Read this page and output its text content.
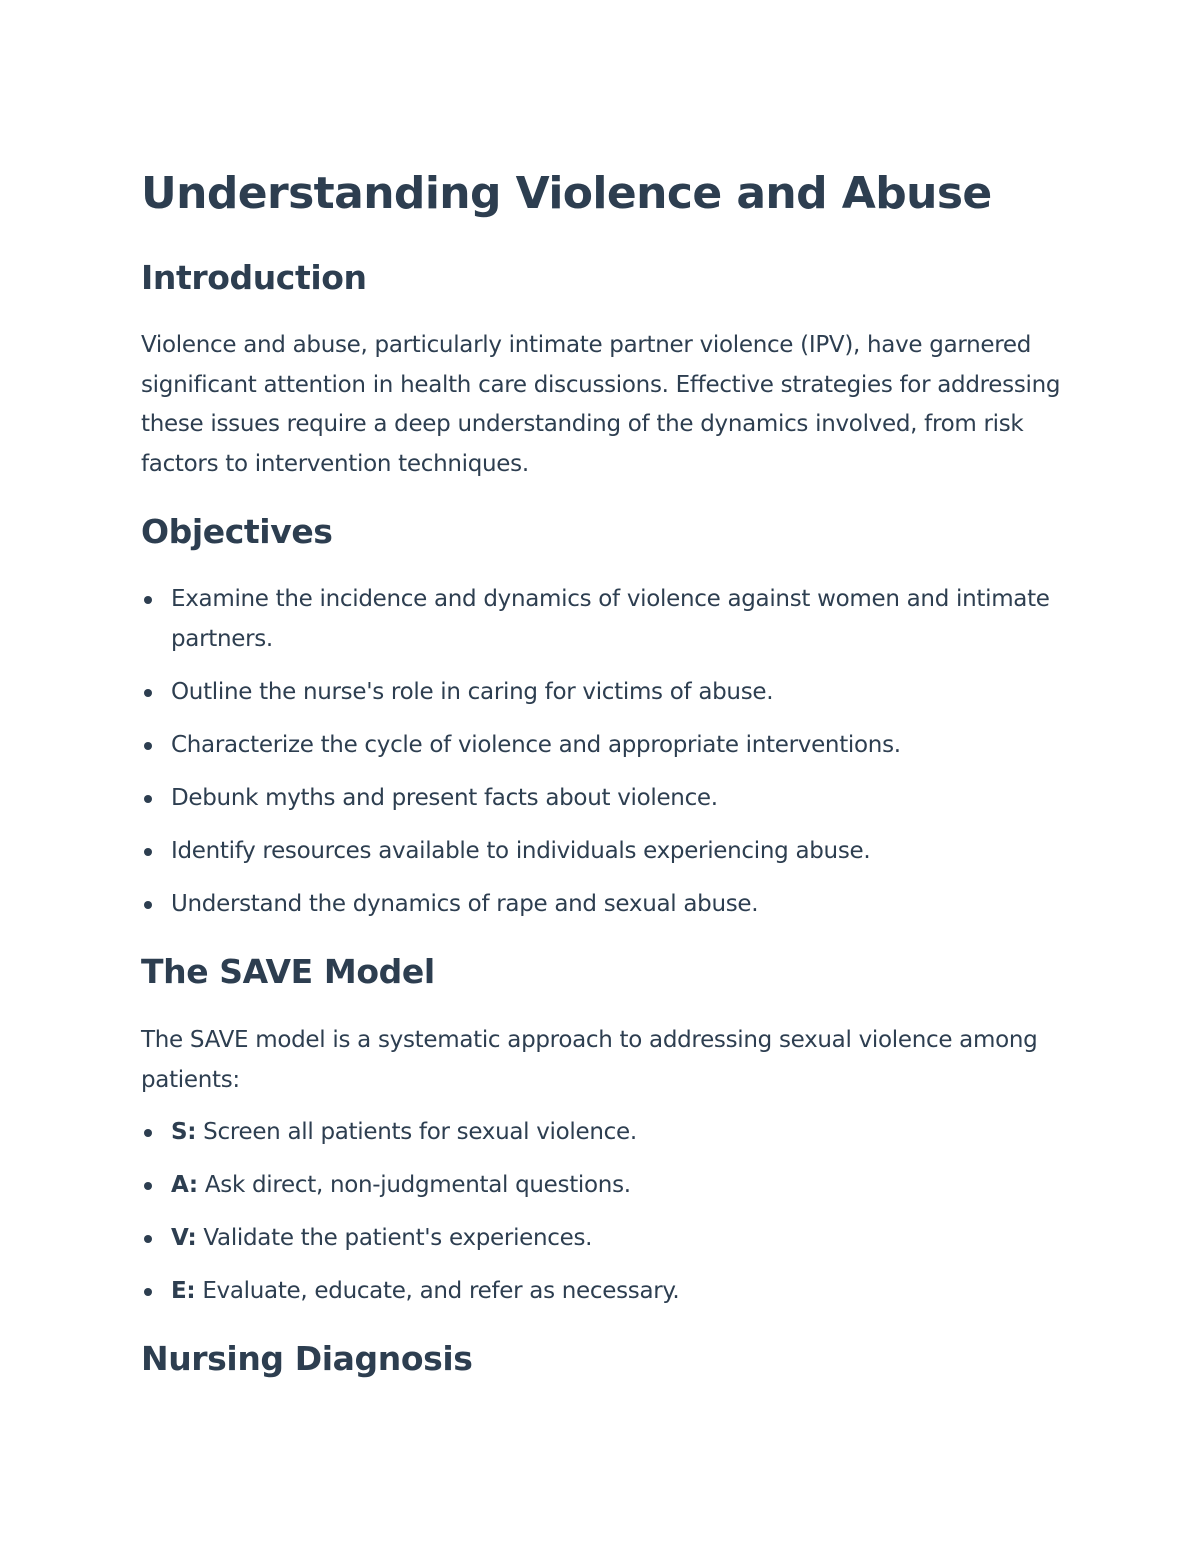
Understanding Violence and Abuse
Introduction

Violence and abuse, particularly intimate partner violence (IPV), have garnered significant attention in health care discussions. Effective strategies for addressing these issues require a deep understanding of the dynamics involved, from risk factors to intervention techniques.

Objectives
Examine the incidence and dynamics of violence against women and intimate partners.
Outline the nurse's role in caring for victims of abuse.
Characterize the cycle of violence and appropriate interventions.
Debunk myths and present facts about violence.
Identify resources available to individuals experiencing abuse.
Understand the dynamics of rape and sexual abuse.
The SAVE Model

The SAVE model is a systematic approach to addressing sexual violence among patients:

S: Screen all patients for sexual violence.
A: Ask direct, non-judgmental questions.
V: Validate the patient's experiences.
E: Evaluate, educate, and refer as necessary.
Nursing Diagnosis
